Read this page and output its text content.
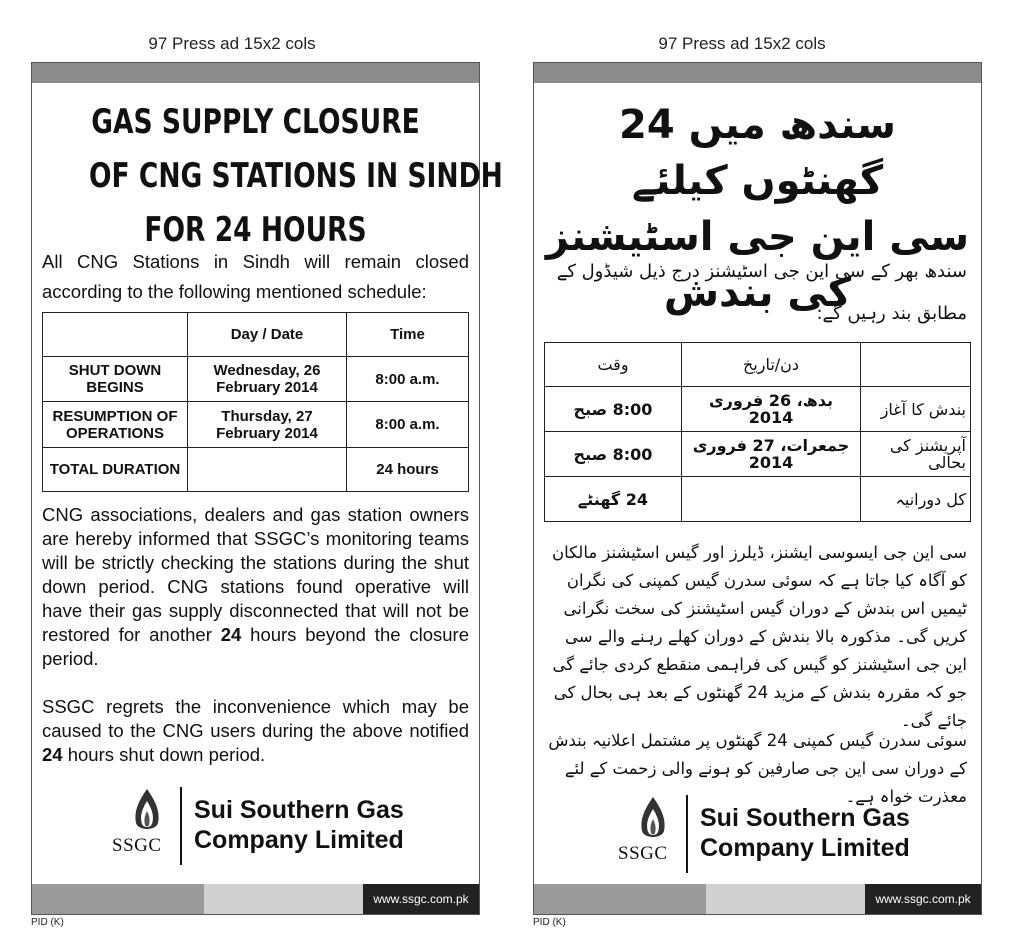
97 Press ad 15x2 cols	97 Press ad 15x2 cols
GAS SUPPLY CLOSURE
OF CNG STATIONS IN SINDH
FOR 24 HOURS
All CNG Stations in Sindh will remain closed according to the following mentioned schedule:
	Day / Date	Time
SHUT DOWN BEGINS	Wednesday, 26 February 2014	8:00 a.m.
RESUMPTION OF OPERATIONS	Thursday, 27 February 2014	8:00 a.m.
TOTAL DURATION		24 hours
CNG associations, dealers and gas station owners are hereby informed that SSGC’s monitoring teams will be strictly checking the stations during the shut down period. CNG stations found operative will have their gas supply disconnected that will not be restored for another 24 hours beyond the closure period.
SSGC regrets the inconvenience which may be caused to the CNG users during the above notified 24 hours shut down period.
SSGC
Sui Southern Gas
Company Limited
www.ssgc.com.pk
PID (K)
سندھ میں 24 گھنٹوں کیلئے
سی این جی اسٹیشنز
کی بندش
سندھ بھر کے سی این جی اسٹیشنز درج ذیل شیڈول کے مطابق بند رہیں گے:
وقت	دن/تاریخ	
8:00 صبح	بدھ، 26 فروری 2014	بندش کا آغاز
8:00 صبح	جمعرات، 27 فروری 2014	آپریشنز کی بحالی
24 گھنٹے		کل دورانیہ
سی این جی ایسوسی ایشنز، ڈیلرز اور گیس اسٹیشنز مالکان کو آگاہ کیا جاتا ہے کہ سوئی سدرن گیس کمپنی کی نگران ٹیمیں اس بندش کے دوران گیس اسٹیشنز کی سخت نگرانی کریں گی۔ مذکورہ بالا بندش کے دوران کھلے رہنے والے سی این جی اسٹیشنز کو گیس کی فراہمی منقطع کردی جائے گی جو کہ مقررہ بندش کے مزید 24 گھنٹوں کے بعد ہی بحال کی جائے گی۔
سوئی سدرن گیس کمپنی 24 گھنٹوں پر مشتمل اعلانیہ بندش کے دوران سی این جی صارفین کو ہونے والی زحمت کے لئے معذرت خواہ ہے۔
SSGC
Sui Southern Gas
Company Limited
www.ssgc.com.pk
PID (K)
